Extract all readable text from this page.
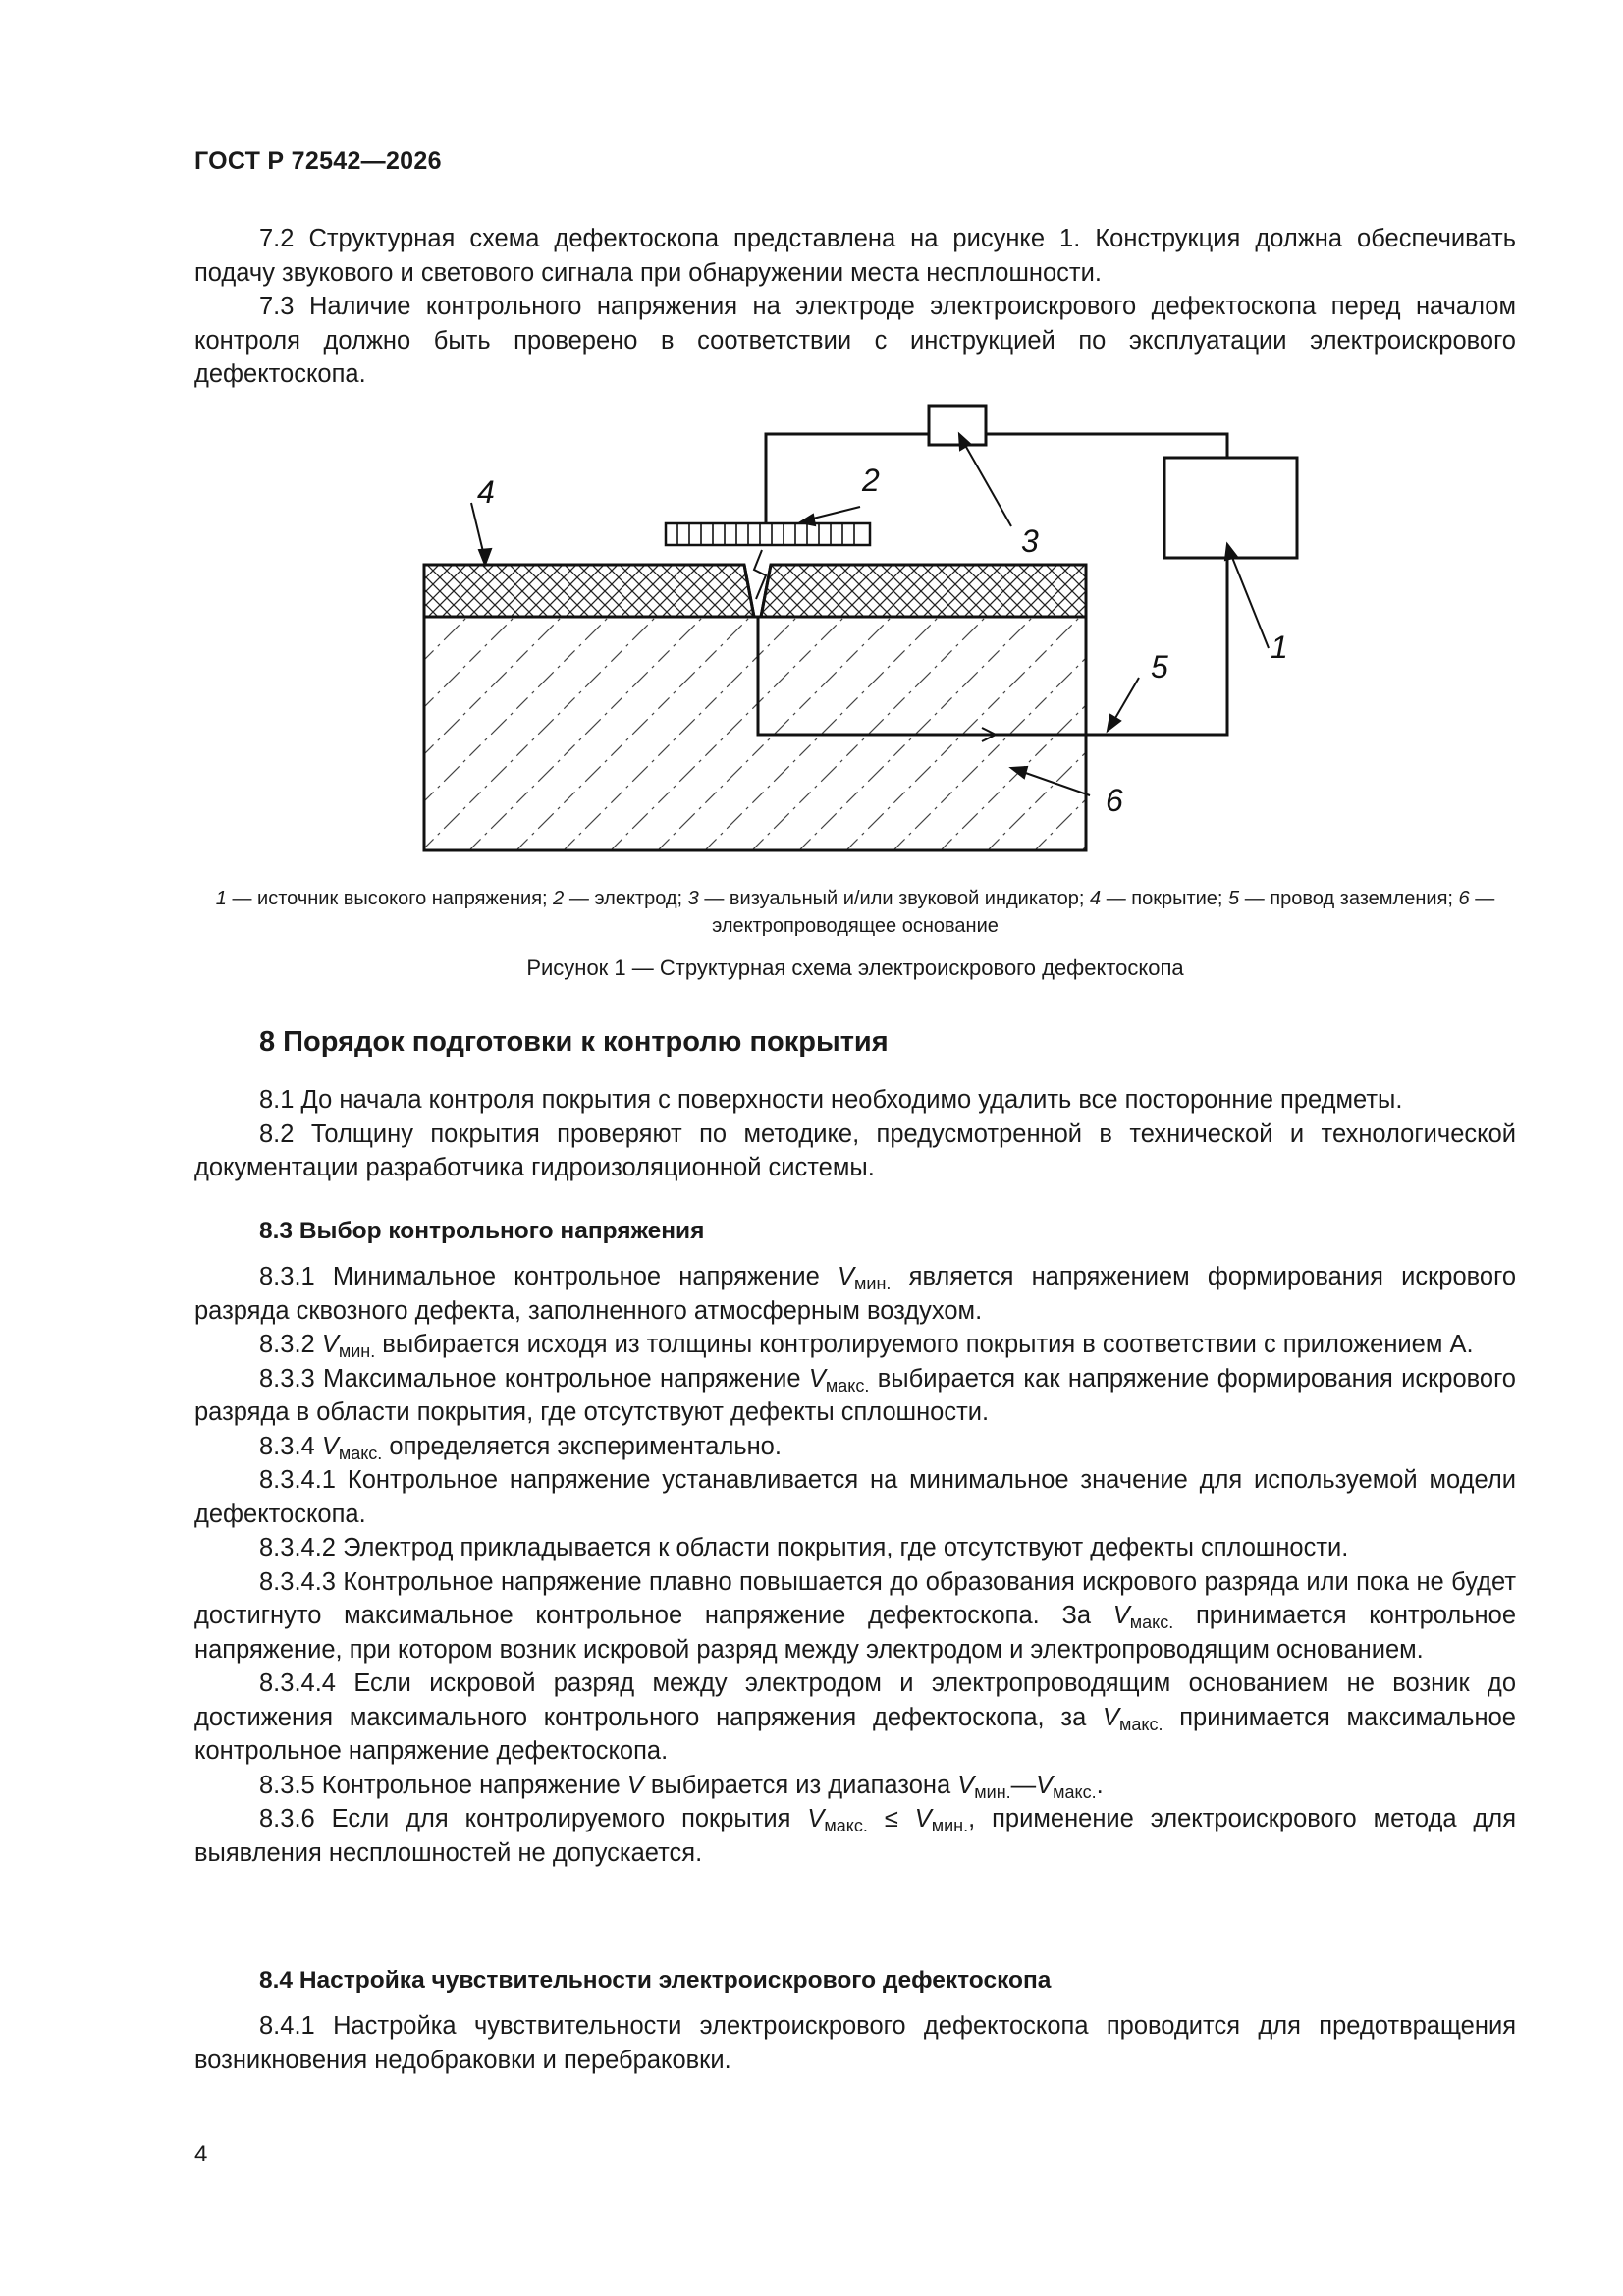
ГОСТ Р 72542—2026

7.2 Структурная схема дефектоскопа представлена на рисунке 1. Конструкция должна обеспечивать подачу звукового и светового сигнала при обнаружении места несплошности.

7.3 Наличие контрольного напряжения на электроде электроискрового дефектоскопа перед началом контроля должно быть проверено в соответствии с инструкцией по эксплуатации электроискрового дефектоскопа.

4	2
3
1
5
6
1 — источник высокого напряжения; 2 — электрод; 3 — визуальный и/или звуковой индикатор; 4 — покрытие; 5 — провод заземления; 6 —электропроводящее основание
Рисунок 1 — Структурная схема электроискрового дефектоскопа
8 Порядок подготовки к контролю покрытия

8.1 До начала контроля покрытия с поверхности необходимо удалить все посторонние предметы.

8.2 Толщину покрытия проверяют по методике, предусмотренной в технической и технологической документации разработчика гидроизоляционной системы.

8.3 Выбор контрольного напряжения

8.3.1 Минимальное контрольное напряжение $V_{мин.}$ является напряжением формирования искрового разряда сквозного дефекта, заполненного атмосферным воздухом.

8.3.2 $V_{мин.}$ выбирается исходя из толщины контролируемого покрытия в соответствии с приложением А.

8.3.3 Максимальное контрольное напряжение $V_{макс.}$ выбирается как напряжение формирования искрового разряда в области покрытия, где отсутствуют дефекты сплошности.

8.3.4 $V_{макс.}$ определяется экспериментально.

8.3.4.1 Контрольное напряжение устанавливается на минимальное значение для используемой модели дефектоскопа.

8.3.4.2 Электрод прикладывается к области покрытия, где отсутствуют дефекты сплошности.

8.3.4.3 Контрольное напряжение плавно повышается до образования искрового разряда или пока не будет достигнуто максимальное контрольное напряжение дефектоскопа. За $V_{макс.}$ принимается контрольное напряжение, при котором возник искровой разряд между электродом и электропроводящим основанием.

8.3.4.4 Если искровой разряд между электродом и электропроводящим основанием не возник до достижения максимального контрольного напряжения дефектоскопа, за $V_{макс.}$ принимается максимальное контрольное напряжение дефектоскопа.

8.3.5 Контрольное напряжение V выбирается из диапазона $V_{мин.}—V_{макс.}$.

8.3.6 Если для контролируемого покрытия $V_{макс.} \le V_{мин.}$, применение электроискрового метода для выявления несплошностей не допускается.

8.4 Настройка чувствительности электроискрового дефектоскопа

8.4.1 Настройка чувствительности электроискрового дефектоскопа проводится для предотвращения возникновения недобраковки и перебраковки.

4
